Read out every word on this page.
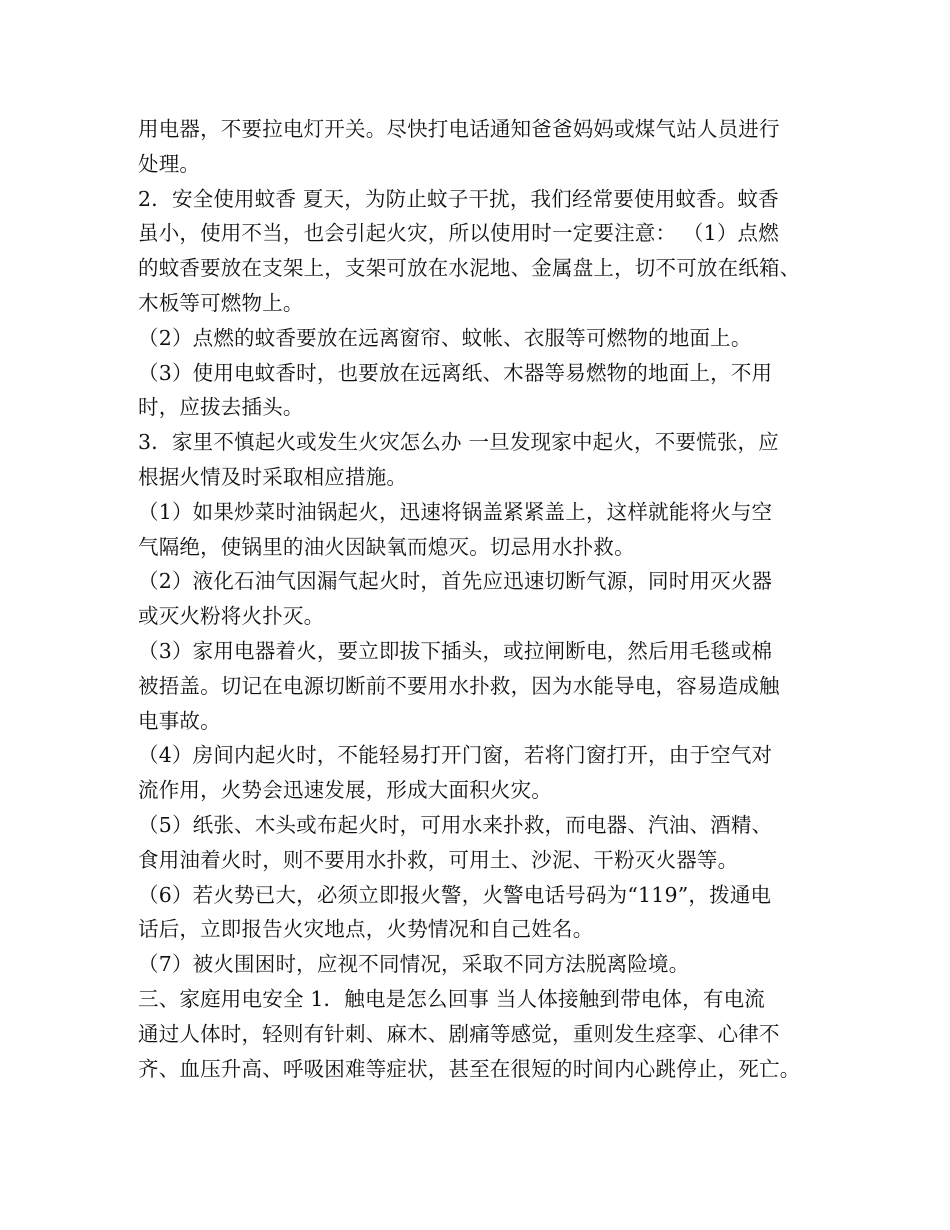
用电器，不要拉电灯开关。尽快打电话通知爸爸妈妈或煤气站人员进行
处理。
2．安全使用蚊香 夏天，为防止蚊子干扰，我们经常要使用蚊香。蚊香
虽小，使用不当，也会引起火灾，所以使用时一定要注意： （1）点燃
的蚊香要放在支架上，支架可放在水泥地、金属盘上，切不可放在纸箱、
木板等可燃物上。
（2）点燃的蚊香要放在远离窗帘、蚊帐、衣服等可燃物的地面上。
（3）使用电蚊香时，也要放在远离纸、木器等易燃物的地面上，不用
时，应拔去插头。
3．家里不慎起火或发生火灾怎么办 一旦发现家中起火，不要慌张，应
根据火情及时采取相应措施。
（1）如果炒菜时油锅起火，迅速将锅盖紧紧盖上，这样就能将火与空
气隔绝，使锅里的油火因缺氧而熄灭。切忌用水扑救。
（2）液化石油气因漏气起火时，首先应迅速切断气源，同时用灭火器
或灭火粉将火扑灭。
（3）家用电器着火，要立即拔下插头，或拉闸断电，然后用毛毯或棉
被捂盖。切记在电源切断前不要用水扑救，因为水能导电，容易造成触
电事故。
（4）房间内起火时，不能轻易打开门窗，若将门窗打开，由于空气对
流作用，火势会迅速发展，形成大面积火灾。
（5）纸张、木头或布起火时，可用水来扑救，而电器、汽油、酒精、
食用油着火时，则不要用水扑救，可用土、沙泥、干粉灭火器等。
（6）若火势已大，必须立即报火警，火警电话号码为“119”，拨通电
话后，立即报告火灾地点，火势情况和自己姓名。
（7）被火围困时，应视不同情况，采取不同方法脱离险境。
三、家庭用电安全 1．触电是怎么回事 当人体接触到带电体，有电流
通过人体时，轻则有针刺、麻木、剧痛等感觉，重则发生痉挛、心律不
齐、血压升高、呼吸困难等症状，甚至在很短的时间内心跳停止，死亡。
